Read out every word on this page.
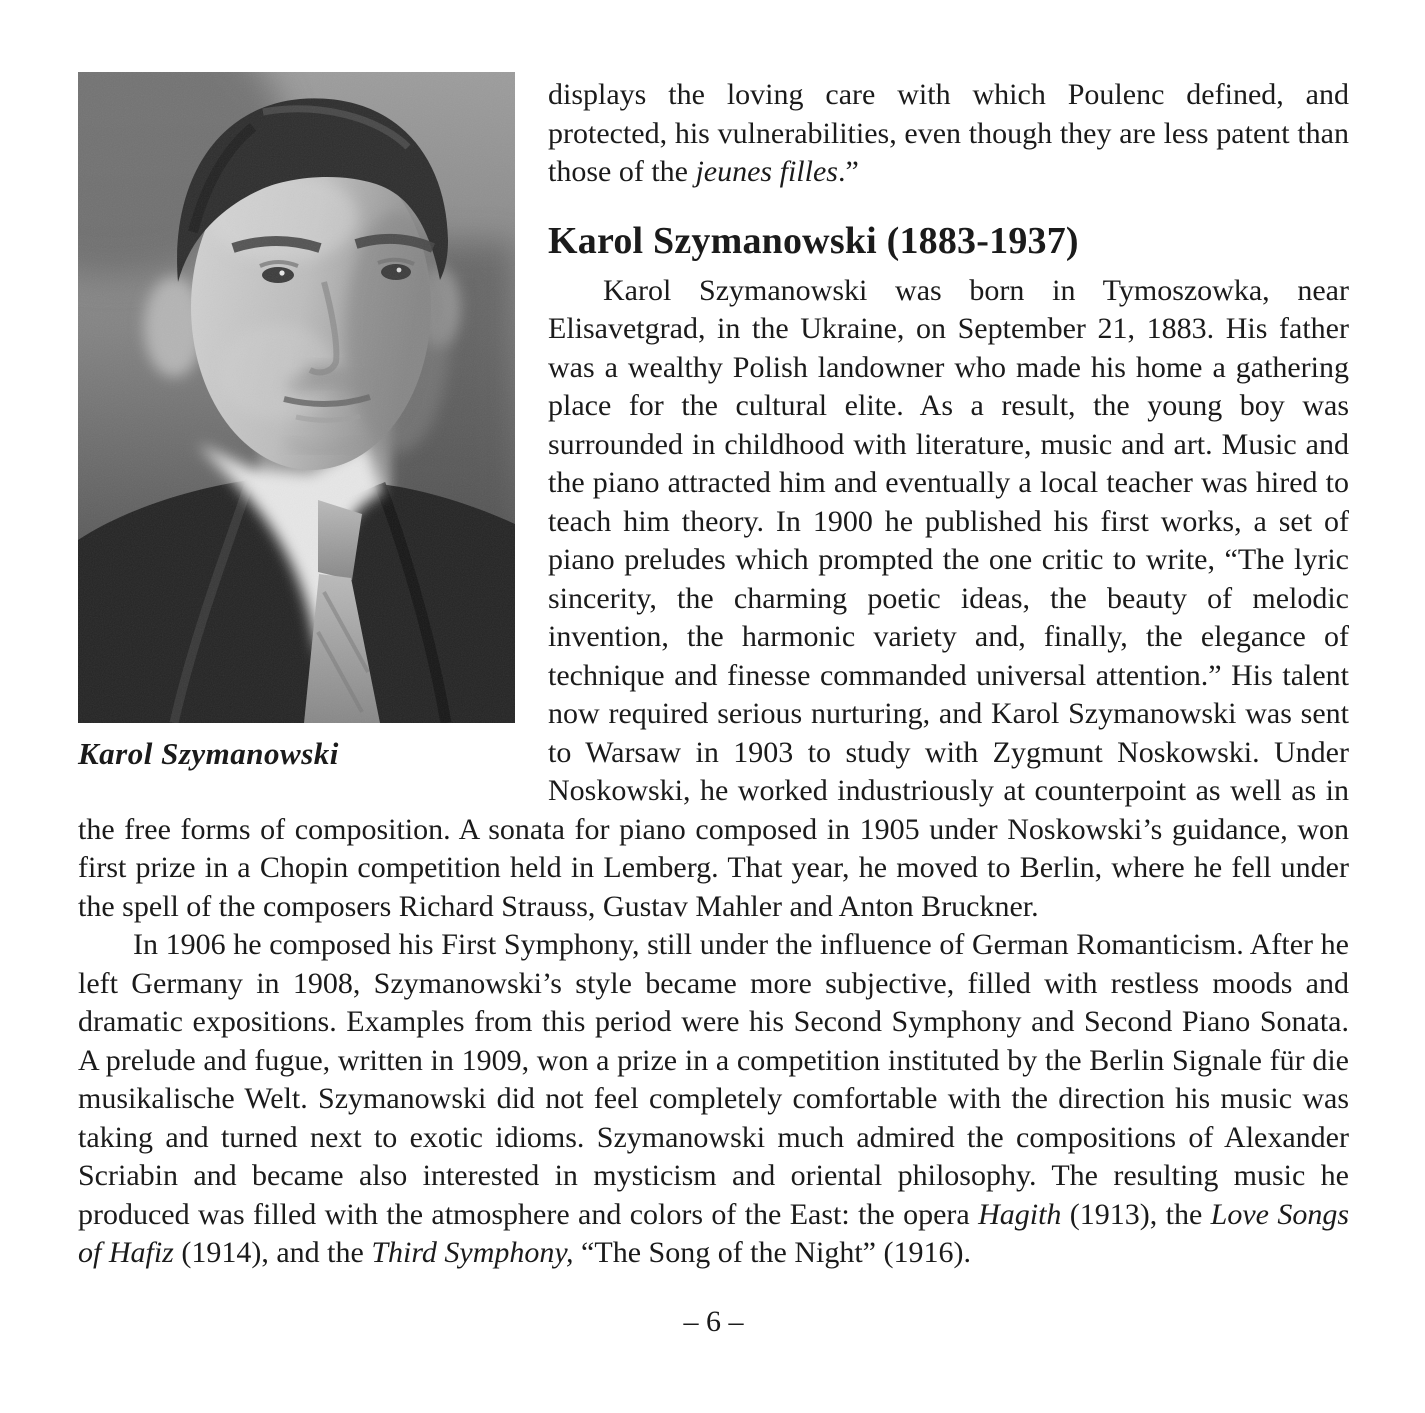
Karol Szymanowski

displays the loving care with which Poulenc defined, and protected, his vulnerabilities, even though they are less patent than those of the jeunes filles.”

Karol Szymanowski (1883-1937)

Karol Szymanowski was born in Tymoszowka, near Elisavetgrad, in the Ukraine, on September 21, 1883. His father was a wealthy Polish landowner who made his home a gathering place for the cultural elite. As a result, the young boy was surrounded in childhood with literature, music and art. Music and the piano attracted him and eventually a local teacher was hired to teach him theory. In 1900 he published his first works, a set of piano preludes which prompted the one critic to write, “The lyric sincerity, the charming poetic ideas, the beauty of melodic invention, the harmonic variety and, finally, the elegance of technique and finesse commanded universal attention.” His talent now required serious nurturing, and Karol Szymanowski was sent to Warsaw in 1903 to study with Zygmunt Noskowski. Under Noskowski, he worked industriously at counterpoint as well as in the free forms of composition. A sonata for piano composed in 1905 under Noskowski’s guidance, won first prize in a Chopin competition held in Lemberg. That year, he moved to Berlin, where he fell under the spell of the composers Richard Strauss, Gustav Mahler and Anton Bruckner.

In 1906 he composed his First Symphony, still under the influence of German Romanticism. After he left Germany in 1908, Szymanowski’s style became more subjective, filled with restless moods and dramatic expositions. Examples from this period were his Second Symphony and Second Piano Sonata. A prelude and fugue, written in 1909, won a prize in a competition instituted by the Berlin Signale für die musikalische Welt. Szymanowski did not feel completely comfortable with the direction his music was taking and turned next to exotic idioms. Szymanowski much admired the compositions of Alexander Scriabin and became also interested in mysticism and oriental philosophy. The resulting music he produced was filled with the atmosphere and colors of the East: the opera Hagith (1913), the Love Songs of Hafiz (1914), and the Third Symphony, “The Song of the Night” (1916).

– 6 –
